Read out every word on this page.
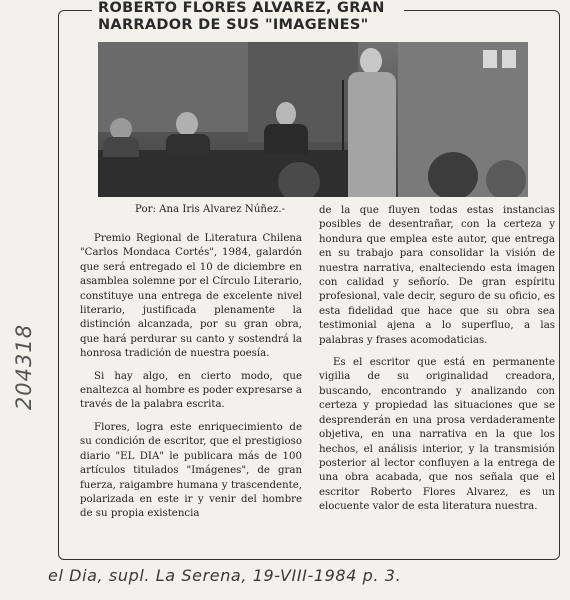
ROBERTO FLORES ALVAREZ, GRAN
NARRADOR DE SUS "IMAGENES"
Por: Ana Iris Alvarez Núñez.-

Premio Regional de Literatura Chilena "Carlos Mondaca Cortés", 1984, galardón que será entregado el 10 de diciembre en asamblea solemne por el Círculo Literario, constituye una entrega de excelente nivel literario, justificada plenamente la distinción alcanzada, por su gran obra, que hará perdurar su canto y sostendrá la honrosa tradición de nuestra poesía.

Si hay algo, en cierto modo, que enaltezca al hombre es poder expresarse a través de la palabra escrita.

Flores, logra este enriquecimiento de su condición de escritor, que el prestigioso diario "EL DIA" le publicara más de 100 artículos titulados "Imágenes", de gran fuerza, raigambre humana y trascendente, polarizada en este ir y venir del hombre de su propia existencia

de la que fluyen todas estas instancias posibles de desentrañar, con la certeza y hondura que emplea este autor, que entrega en su trabajo para consolidar la visión de nuestra narrativa, enalteciendo esta imagen con calidad y señorío. De gran espíritu profesional, vale decir, seguro de su oficio, es esta fidelidad que hace que su obra sea testimonial ajena a lo superfluo, a las palabras y frases acomodaticias.

Es el escritor que está en permanente vigilia de su originalidad creadora, buscando, encontrando y analizando con certeza y propiedad las situaciones que se desprenderán en una prosa verdaderamente objetiva, en una narrativa en la que los hechos, el análisis interior, y la transmisión posterior al lector confluyen a la entrega de una obra acabada, que nos señala que el escritor Roberto Flores Alvarez, es un elocuente valor de esta literatura nuestra.

204318
el Dia, supl. La Serena, 19-VIII-1984 p. 3.
